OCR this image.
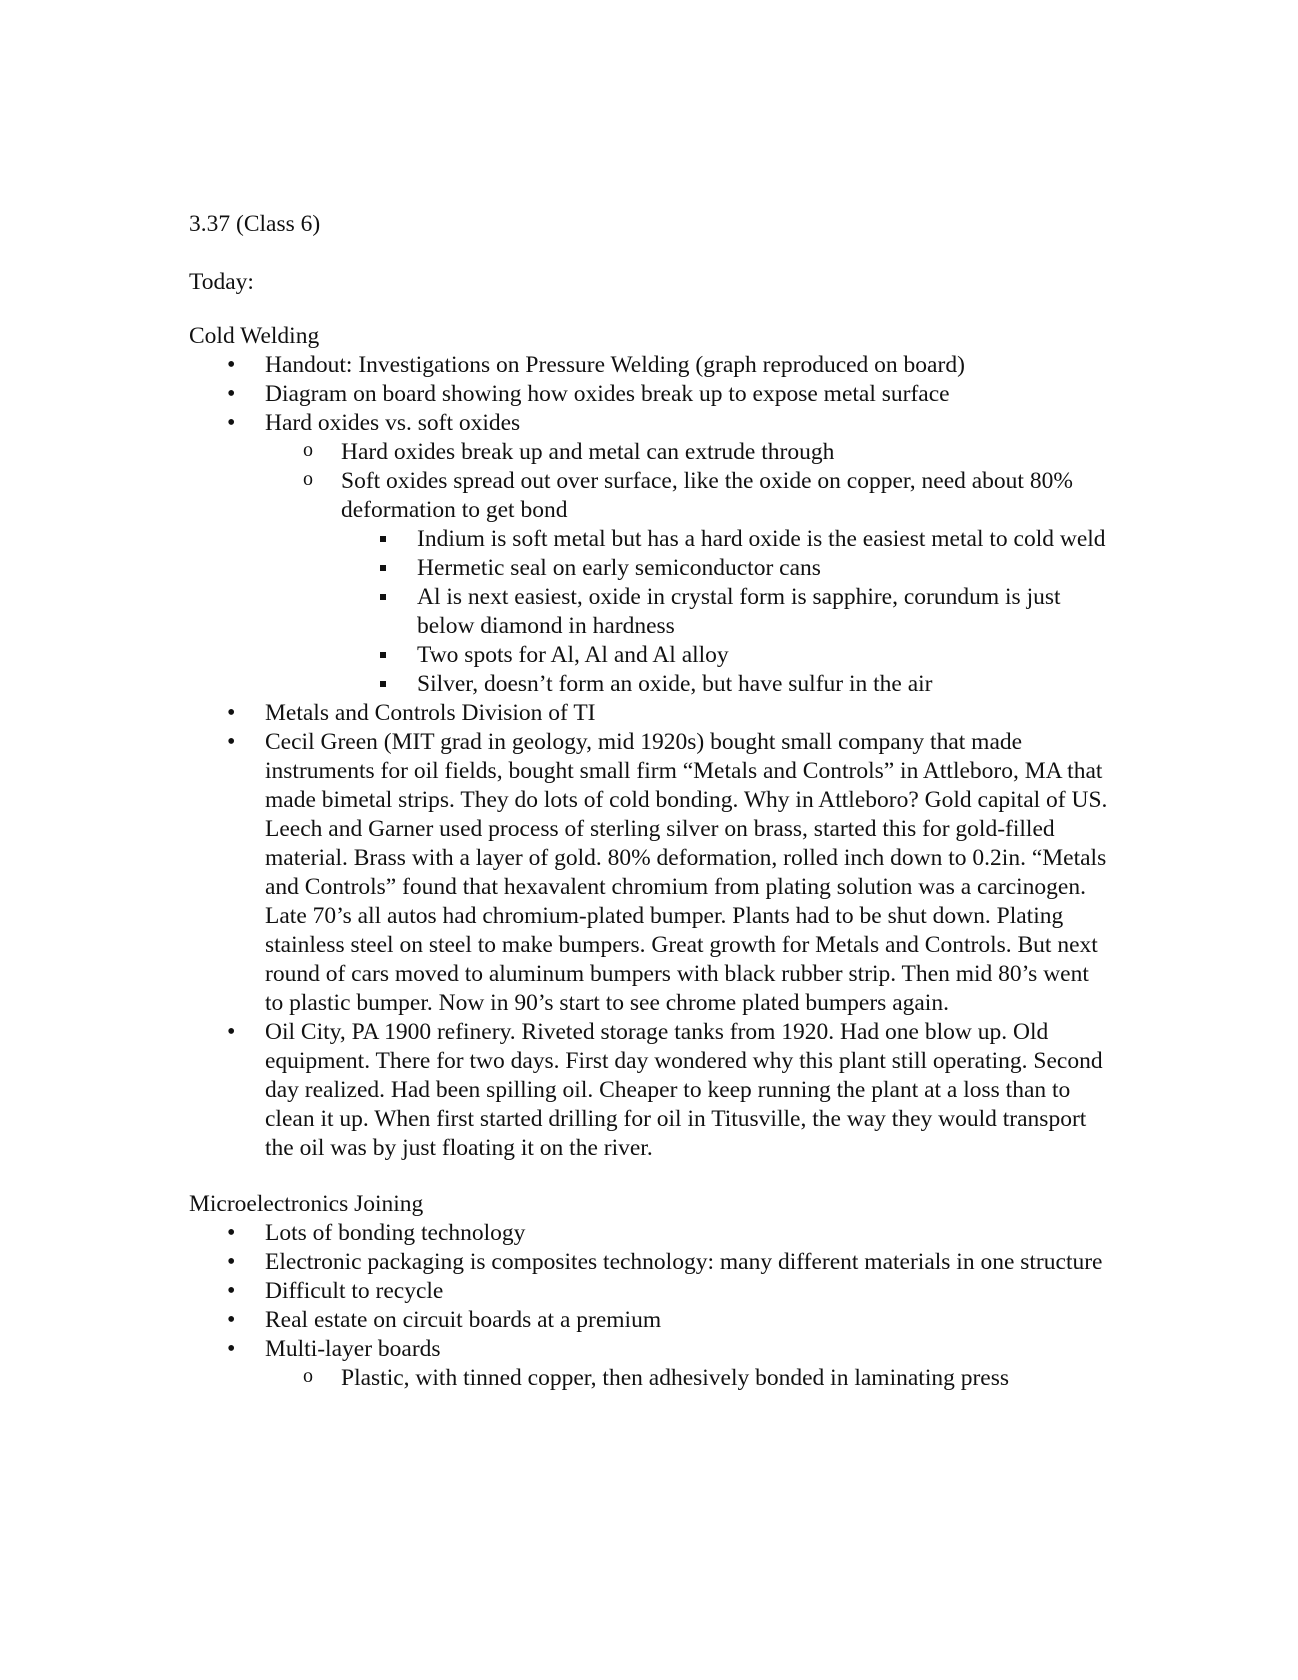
3.37 (Class 6)
Today:
Cold Welding
• Handout: Investigations on Pressure Welding (graph reproduced on board)
• Diagram on board showing how oxides break up to expose metal surface
• Hard oxides vs. soft oxides
o Hard oxides break up and metal can extrude through
o Soft oxides spread out over surface, like the oxide on copper, need about 80% deformation to get bond
Indium is soft metal but has a hard oxide is the easiest metal to cold weld
Hermetic seal on early semiconductor cans
Al is next easiest, oxide in crystal form is sapphire, corundum is just below diamond in hardness
Two spots for Al, Al and Al alloy
Silver, doesn’t form an oxide, but have sulfur in the air
• Metals and Controls Division of TI
• Cecil Green (MIT grad in geology, mid 1920s) bought small company that made instruments for oil fields, bought small firm “Metals and Controls” in Attleboro, MA that made bimetal strips. They do lots of cold bonding. Why in Attleboro? Gold capital of US. Leech and Garner used process of sterling silver on brass, started this for gold-filled material. Brass with a layer of gold. 80% deformation, rolled inch down to 0.2in. “Metals and Controls” found that hexavalent chromium from plating solution was a carcinogen. Late 70’s all autos had chromium-plated bumper. Plants had to be shut down. Plating stainless steel on steel to make bumpers. Great growth for Metals and Controls. But next round of cars moved to aluminum bumpers with black rubber strip. Then mid 80’s went to plastic bumper. Now in 90’s start to see chrome plated bumpers again.
• Oil City, PA 1900 refinery. Riveted storage tanks from 1920. Had one blow up. Old equipment. There for two days. First day wondered why this plant still operating. Second day realized. Had been spilling oil. Cheaper to keep running the plant at a loss than to clean it up. When first started drilling for oil in Titusville, the way they would transport the oil was by just floating it on the river.
Microelectronics Joining
• Lots of bonding technology
• Electronic packaging is composites technology: many different materials in one structure
• Difficult to recycle
• Real estate on circuit boards at a premium
• Multi-layer boards
o Plastic, with tinned copper, then adhesively bonded in laminating press
